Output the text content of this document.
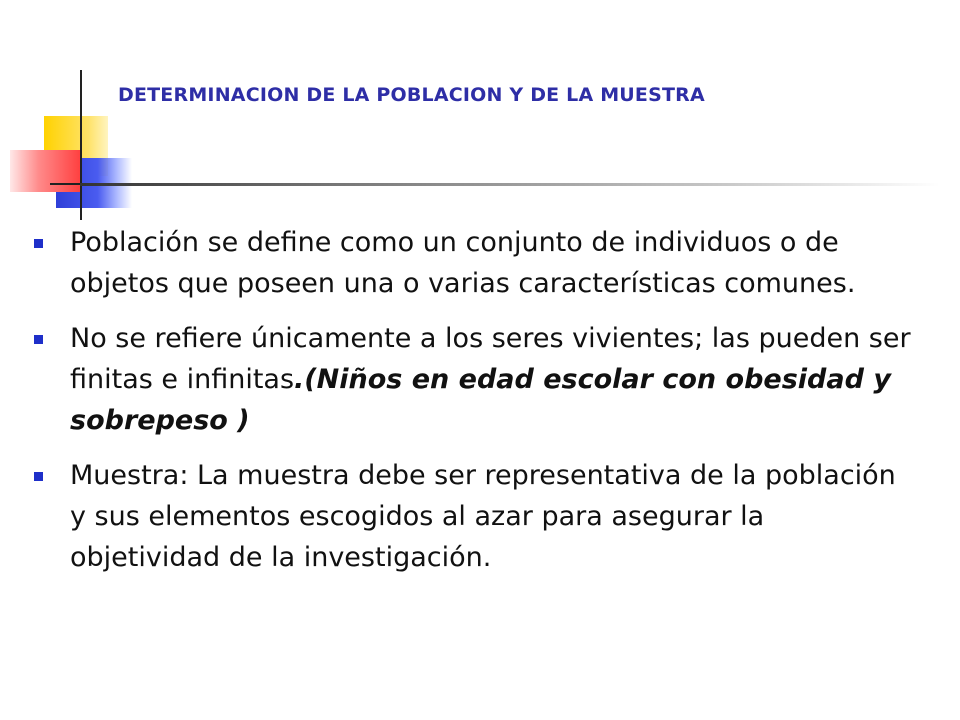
DETERMINACION DE LA POBLACION Y DE LA MUESTRA
Población se define como un conjunto de individuos o de objetos que poseen una o varias características comunes.
No se refiere únicamente a los seres vivientes; las pueden ser finitas e infinitas.(Niños en edad escolar con obesidad y sobrepeso )
Muestra: La muestra debe ser representativa de la población y sus elementos escogidos al azar para asegurar la objetividad de la investigación.
